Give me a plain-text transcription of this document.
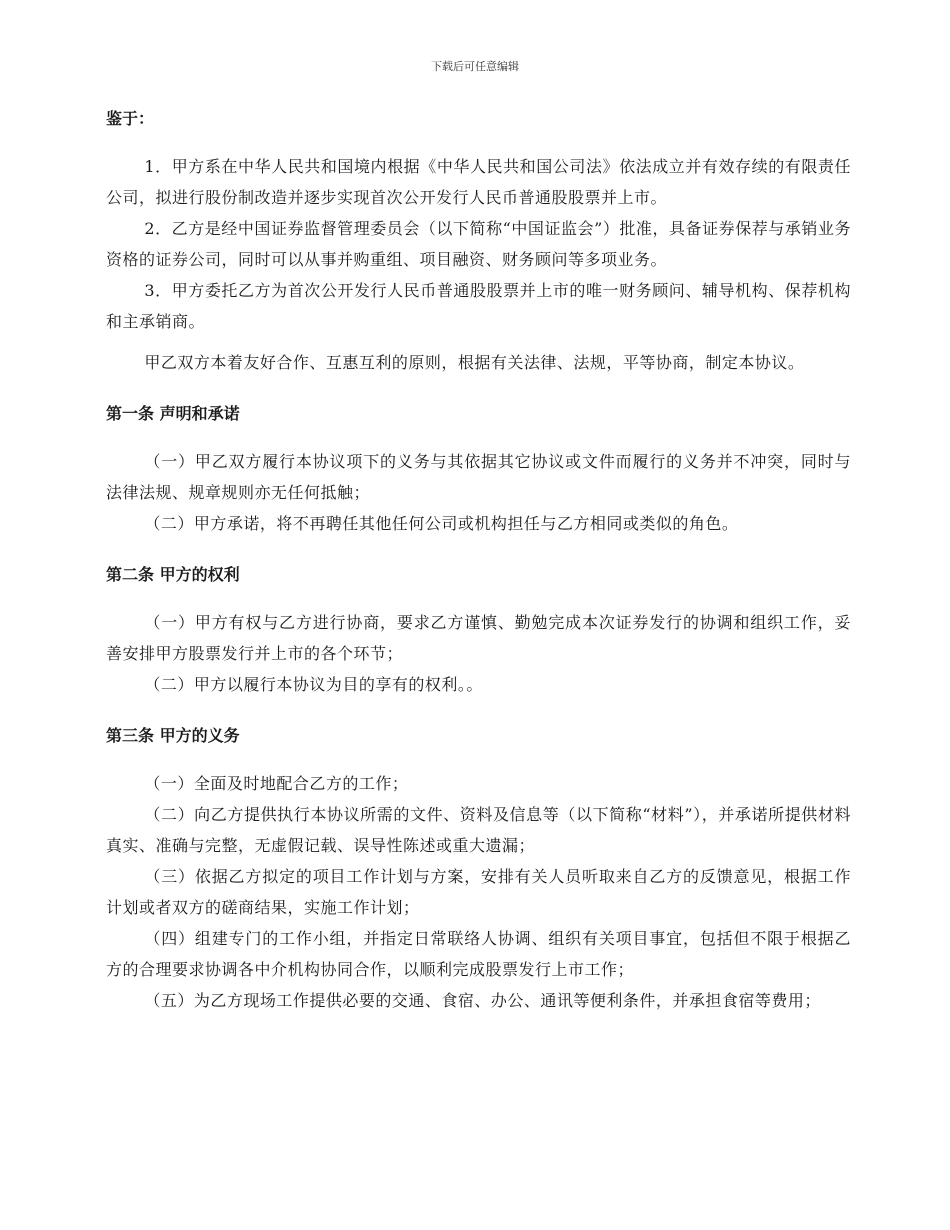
下载后可任意编辑

鉴于：

1．甲方系在中华人民共和国境内根据《中华人民共和国公司法》依法成立并有效存续的有限责任公司，拟进行股份制改造并逐步实现首次公开发行人民币普通股股票并上市。

2．乙方是经中国证券监督管理委员会（以下简称“中国证监会”）批准，具备证券保荐与承销业务资格的证券公司，同时可以从事并购重组、项目融资、财务顾问等多项业务。

3．甲方委托乙方为首次公开发行人民币普通股股票并上市的唯一财务顾问、辅导机构、保荐机构和主承销商。

甲乙双方本着友好合作、互惠互利的原则，根据有关法律、法规，平等协商，制定本协议。

第一条 声明和承诺

（一）甲乙双方履行本协议项下的义务与其依据其它协议或文件而履行的义务并不冲突，同时与法律法规、规章规则亦无任何抵触；

（二）甲方承诺，将不再聘任其他任何公司或机构担任与乙方相同或类似的角色。

第二条 甲方的权利

（一）甲方有权与乙方进行协商，要求乙方谨慎、勤勉完成本次证券发行的协调和组织工作，妥善安排甲方股票发行并上市的各个环节；

（二）甲方以履行本协议为目的享有的权利。。

第三条 甲方的义务

（一）全面及时地配合乙方的工作；

（二）向乙方提供执行本协议所需的文件、资料及信息等（以下简称“材料”），并承诺所提供材料真实、准确与完整，无虚假记载、误导性陈述或重大遗漏；

（三）依据乙方拟定的项目工作计划与方案，安排有关人员听取来自乙方的反馈意见，根据工作计划或者双方的磋商结果，实施工作计划；

（四）组建专门的工作小组，并指定日常联络人协调、组织有关项目事宜，包括但不限于根据乙方的合理要求协调各中介机构协同合作，以顺利完成股票发行上市工作；

（五）为乙方现场工作提供必要的交通、食宿、办公、通讯等便利条件，并承担食宿等费用；
